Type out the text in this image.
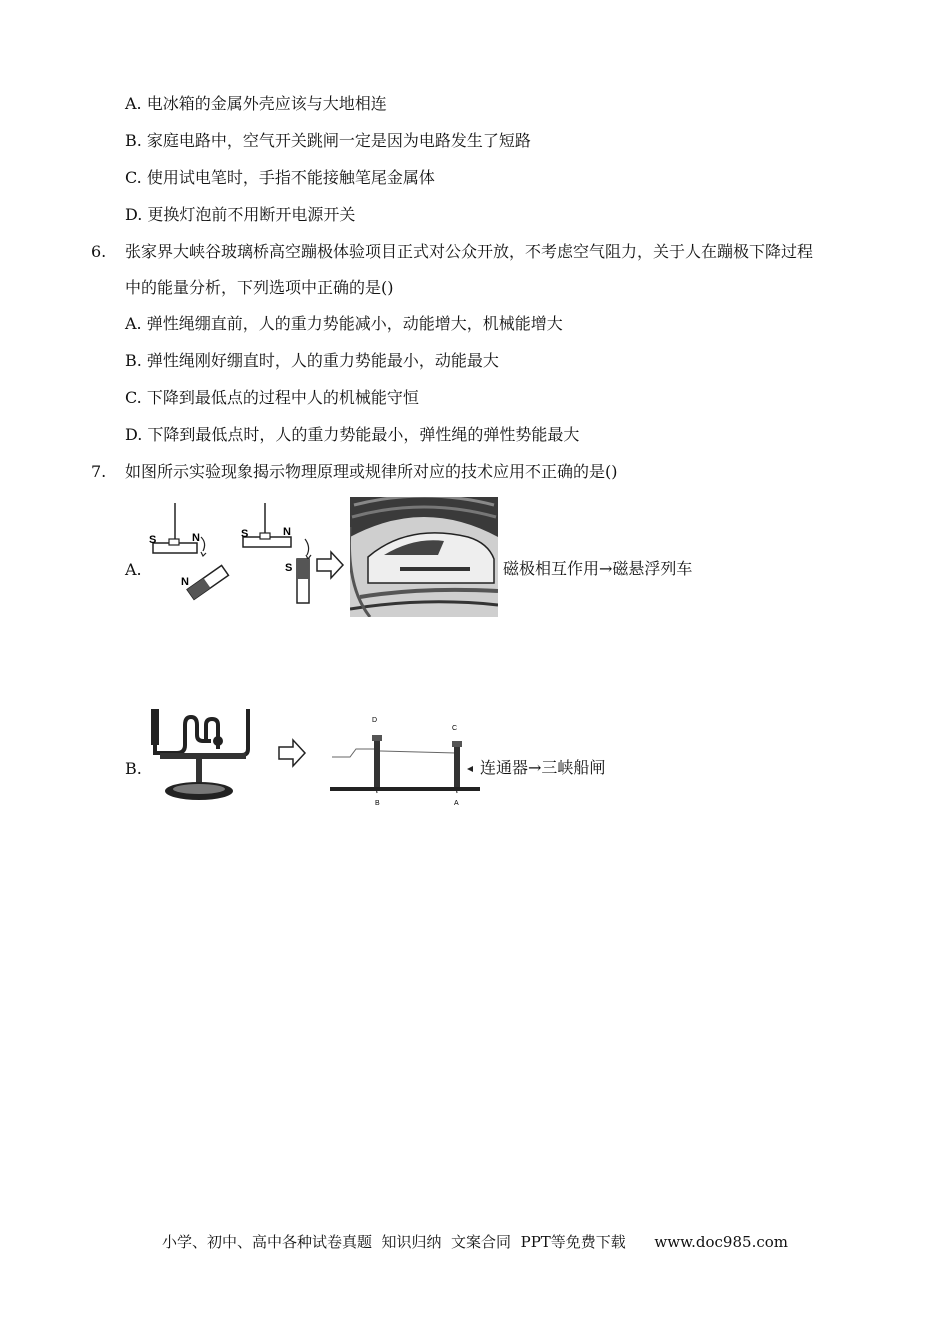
A. 电冰箱的金属外壳应该与大地相连
B. 家庭电路中，空气开关跳闸一定是因为电路发生了短路
C. 使用试电笔时，手指不能接触笔尾金属体
D. 更换灯泡前不用断开电源开关
6. 张家界大峡谷玻璃桥高空蹦极体验项目正式对公众开放，不考虑空气阻力，关于人在蹦极下降过程
中的能量分析，下列选项中正确的是()
A. 弹性绳绷直前，人的重力势能减小，动能增大，机械能增大
B. 弹性绳刚好绷直时，人的重力势能最小，动能最大
C. 下降到最低点的过程中人的机械能守恒
D. 下降到最低点时，人的重力势能最小，弹性绳的弹性势能最大
7. 如图所示实验现象揭示物理原理或规律所对应的技术应用不正确的是()
A.
S	N
N
S	N
S	磁极相互作用→磁悬浮列车
B.
D
C
B	A
连通器→三峡船闸
小学、初中、高中各种试卷真题  知识归纳  文案合同  PPT等免费下载      www.doc985.com
